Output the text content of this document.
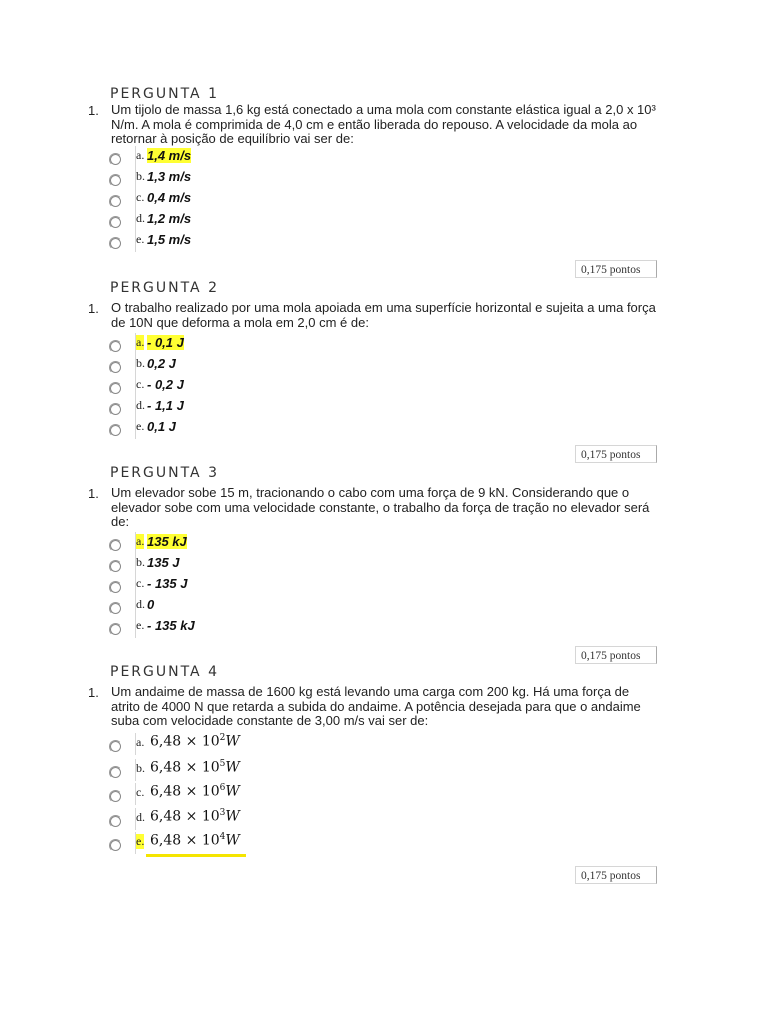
PERGUNTA 1
1. Um tijolo de massa 1,6 kg está conectado a uma mola com constante elástica igual a 2,0 x 10³ N/m. A mola é comprimida de 4,0 cm e então liberada do repouso. A velocidade da mola ao retornar à posição de equilíbrio vai ser de:
a. 1,4 m/s
b. 1,3 m/s
c. 0,4 m/s
d. 1,2 m/s
e. 1,5 m/s
0,175 pontos
PERGUNTA 2
1. O trabalho realizado por uma mola apoiada em uma superfície horizontal e sujeita a uma força de 10N que deforma a mola em 2,0 cm é de:
a. - 0,1 J
b. 0,2 J
c. - 0,2 J
d. - 1,1 J
e. 0,1 J
0,175 pontos
PERGUNTA 3
1. Um elevador sobe 15 m, tracionando o cabo com uma força de 9 kN. Considerando que o elevador sobe com uma velocidade constante, o trabalho da força de tração no elevador será de:
a. 135 kJ
b. 135 J
c. - 135 J
d. 0
e. - 135 kJ
0,175 pontos
PERGUNTA 4
1. Um andaime de massa de 1600 kg está levando uma carga com 200 kg. Há uma força de atrito de 4000 N que retarda a subida do andaime. A potência desejada para que o andaime suba com velocidade constante de 3,00 m/s vai ser de:
a. $6,48 \times 10^2W$
b. $6,48 \times 10^5W$
c. $6,48 \times 10^6W$
d. $6,48 \times 10^3W$
e. $6,48 \times 10^4W$
0,175 pontos
